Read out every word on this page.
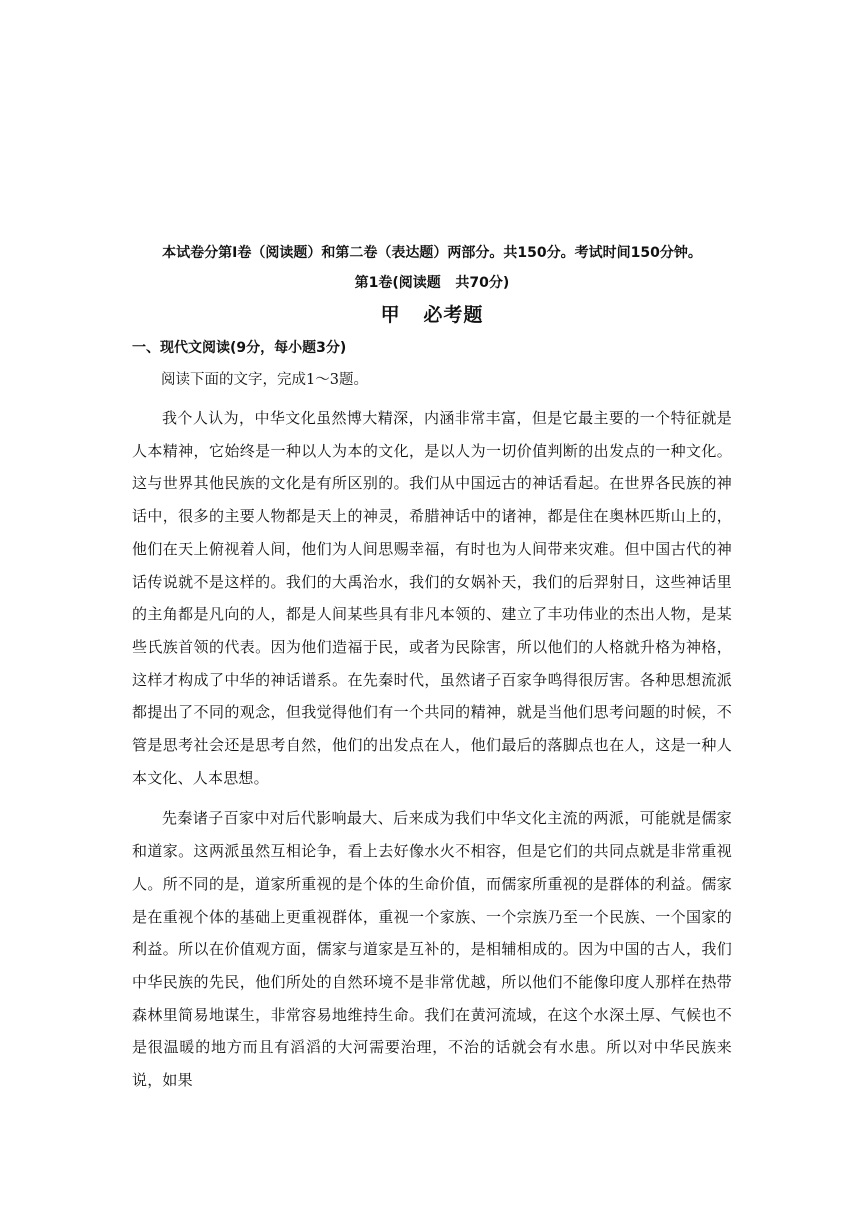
本试卷分第Ⅰ卷（阅读题）和第二卷（表达题）两部分。共150分。考试时间150分钟。

第1卷(阅读题   共70分)

甲   必考题

一、现代文阅读(9分，每小题3分)

阅读下面的文字，完成1～3题。

我个人认为，中华文化虽然博大精深，内涵非常丰富，但是它最主要的一个特征就是人本精神，它始终是一种以人为本的文化，是以人为一切价值判断的出发点的一种文化。这与世界其他民族的文化是有所区别的。我们从中国远古的神话看起。在世界各民族的神话中，很多的主要人物都是天上的神灵，希腊神话中的诸神，都是住在奥林匹斯山上的，他们在天上俯视着人间，他们为人间思赐幸福，有时也为人间带来灾难。但中国古代的神话传说就不是这样的。我们的大禹治水，我们的女娲补天，我们的后羿射日，这些神话里的主角都是凡向的人，都是人间某些具有非凡本领的、建立了丰功伟业的杰出人物，是某些氏族首领的代表。因为他们造福于民，或者为民除害，所以他们的人格就升格为神格，这样才构成了中华的神话谱系。在先秦时代，虽然诸子百家争鸣得很厉害。各种思想流派都提出了不同的观念，但我觉得他们有一个共同的精神，就是当他们思考问题的时候，不管是思考社会还是思考自然，他们的出发点在人，他们最后的落脚点也在人，这是一种人本文化、人本思想。

先秦诸子百家中对后代影响最大、后来成为我们中华文化主流的两派，可能就是儒家和道家。这两派虽然互相论争，看上去好像水火不相容，但是它们的共同点就是非常重视人。所不同的是，道家所重视的是个体的生命价值，而儒家所重视的是群体的利益。儒家是在重视个体的基础上更重视群体，重视一个家族、一个宗族乃至一个民族、一个国家的利益。所以在价值观方面，儒家与道家是互补的，是相辅相成的。因为中国的古人，我们中华民族的先民，他们所处的自然环境不是非常优越，所以他们不能像印度人那样在热带森林里简易地谋生，非常容易地维持生命。我们在黄河流域，在这个水深土厚、气候也不是很温暖的地方而且有滔滔的大河需要治理，不治的话就会有水患。所以对中华民族来说，如果
